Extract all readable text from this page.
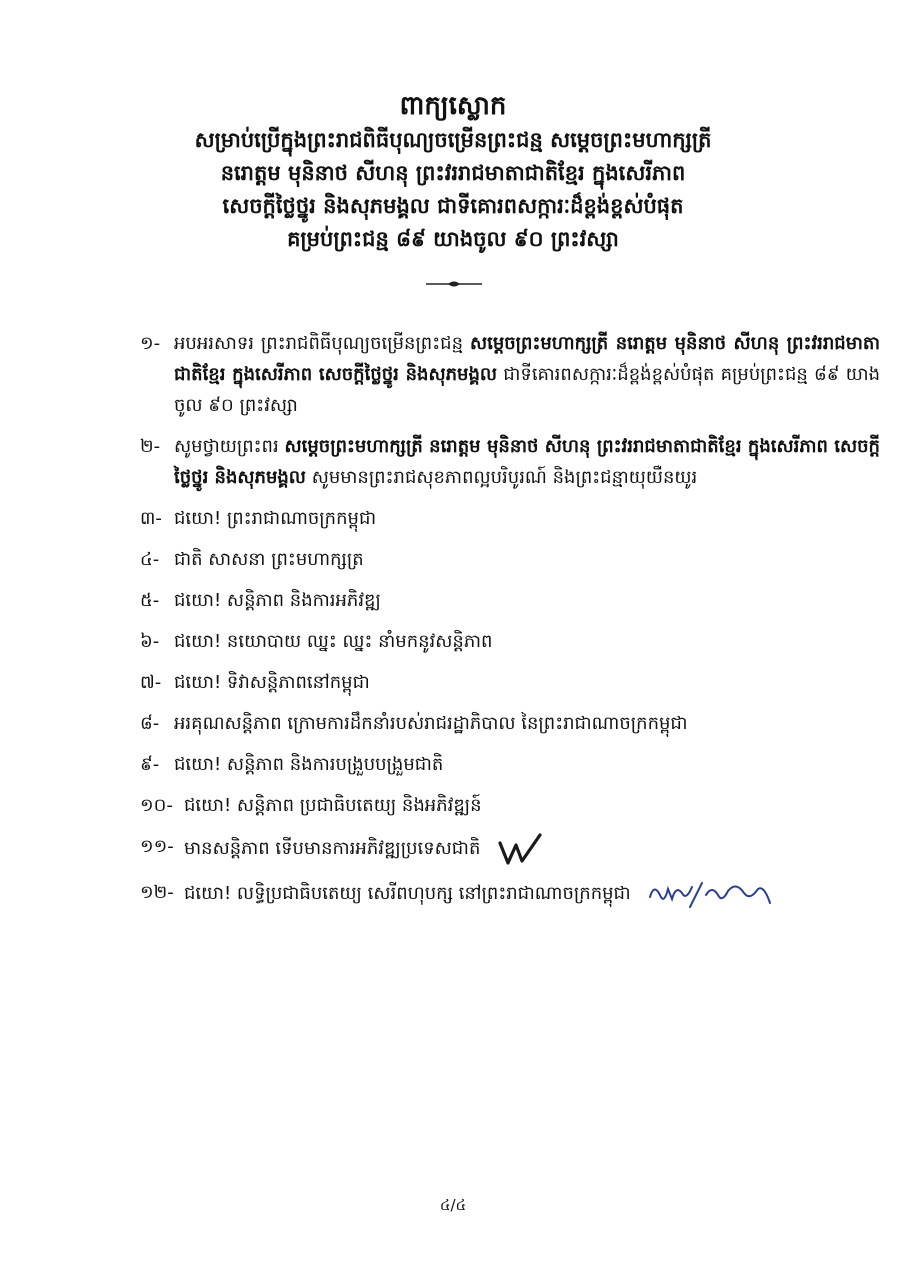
ពាក្យស្លោក

សម្រាប់ប្រើក្នុងព្រះរាជពិធីបុណ្យចម្រើនព្រះជន្ម សម្ដេចព្រះមហាក្សត្រី

នរោត្តម មុនិនាថ សីហនុ ព្រះវររាជមាតាជាតិខ្មែរ ក្នុងសេរីភាព

សេចក្ដីថ្លៃថ្នូរ និងសុភមង្គល ជាទីគោរពសក្ការៈដ៏ខ្ពង់ខ្ពស់បំផុត

គម្រប់ព្រះជន្ម ៨៩ យាងចូល ៩០ ព្រះវស្សា

១- អបអរសាទរ ព្រះរាជពិធីបុណ្យចម្រើនព្រះជន្ម សម្ដេចព្រះមហាក្សត្រី នរោត្តម មុនិនាថ សីហនុ ព្រះវររាជមាតាជាតិខ្មែរ ក្នុងសេរីភាព សេចក្ដីថ្លៃថ្នូរ និងសុភមង្គល ជាទីគោរពសក្ការៈដ៏ខ្ពង់ខ្ពស់បំផុត គម្រប់ព្រះជន្ម ៨៩ យាងចូល ៩០ ព្រះវស្សា
២- សូមថ្វាយព្រះពរ សម្ដេចព្រះមហាក្សត្រី នរោត្តម មុនិនាថ សីហនុ ព្រះវររាជមាតាជាតិខ្មែរ ក្នុងសេរីភាព សេចក្ដីថ្លៃថ្នូរ និងសុភមង្គល សូមមានព្រះរាជសុខភាពល្អបរិបូរណ៍ និងព្រះជន្មាយុយឺនយូរ
៣- ជយោ! ព្រះរាជាណាចក្រកម្ពុជា
៤- ជាតិ សាសនា ព្រះមហាក្សត្រ
៥- ជយោ! សន្តិភាព និងការអភិវឌ្ឍ
៦- ជយោ! នយោបាយ ឈ្នះ ឈ្នះ នាំមកនូវសន្តិភាព
៧- ជយោ! ទិវាសន្តិភាពនៅកម្ពុជា
៨- អរគុណសន្តិភាព ក្រោមការដឹកនាំរបស់រាជរដ្ឋាភិបាល នៃព្រះរាជាណាចក្រកម្ពុជា
៩- ជយោ! សន្តិភាព និងការបង្រួបបង្រួមជាតិ
១០- ជយោ! សន្តិភាព ប្រជាធិបតេយ្យ និងអភិវឌ្ឍន៍
១១- មានសន្តិភាព ទើបមានការអភិវឌ្ឍប្រទេសជាតិ
១២- ជយោ! លទ្ធិប្រជាធិបតេយ្យ សេរីពហុបក្ស នៅព្រះរាជាណាចក្រកម្ពុជា
៤/៤
